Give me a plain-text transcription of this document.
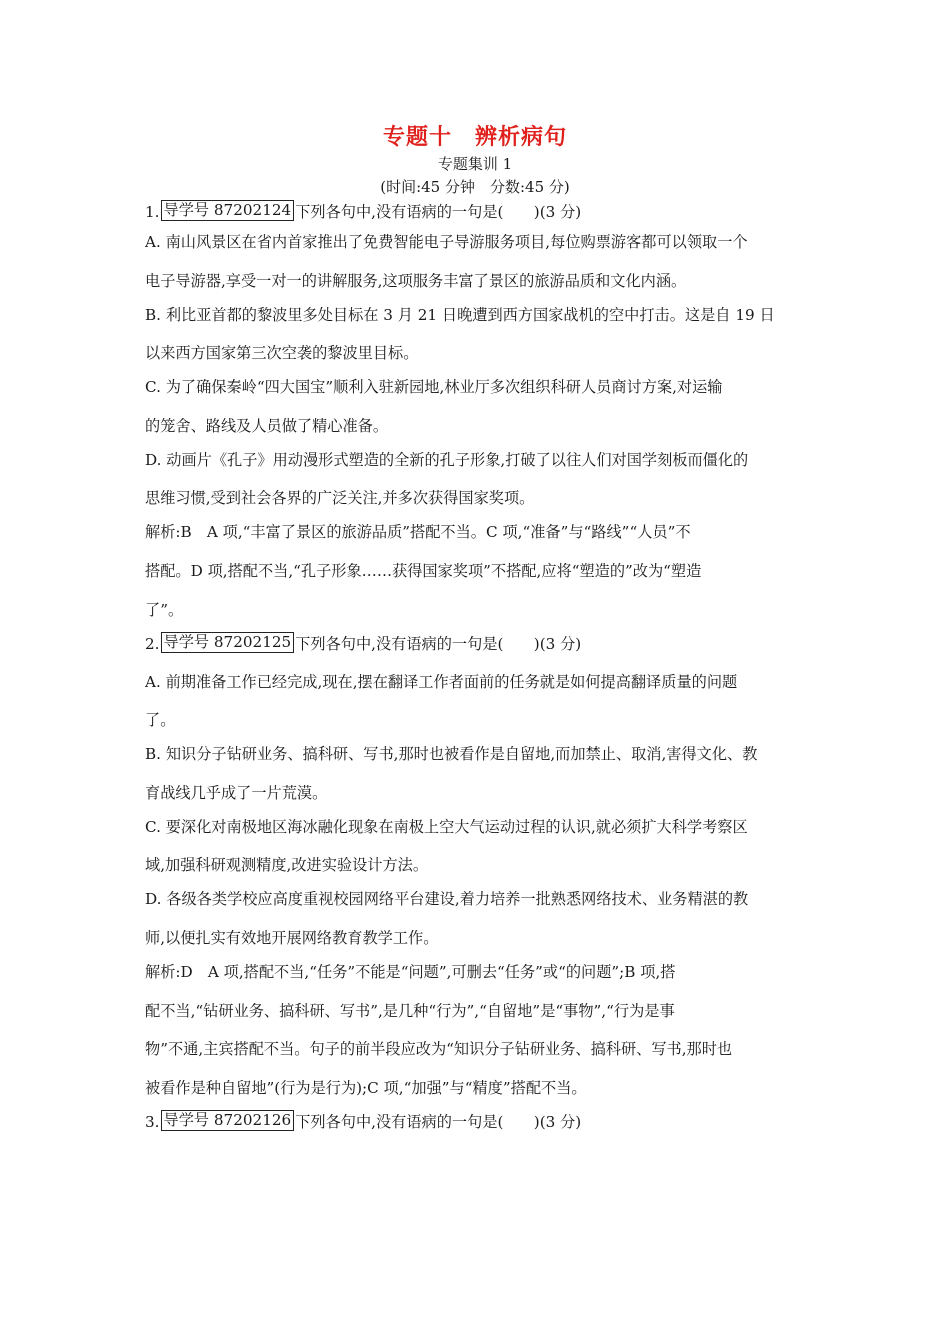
专题十　辨析病句
专题集训 1
(时间:45 分钟　分数:45 分)
1. 导学号 87202124 下列各句中,没有语病的一句是(　　)(3 分)
A. 南山风景区在省内首家推出了免费智能电子导游服务项目,每位购票游客都可以领取一个
电子导游器,享受一对一的讲解服务,这项服务丰富了景区的旅游品质和文化内涵。
B. 利比亚首都的黎波里多处目标在 3 月 21 日晚遭到西方国家战机的空中打击。这是自 19 日
以来西方国家第三次空袭的黎波里目标。
C. 为了确保秦岭“四大国宝”顺利入驻新园地,林业厅多次组织科研人员商讨方案,对运输
的笼舍、路线及人员做了精心准备。
D. 动画片《孔子》用动漫形式塑造的全新的孔子形象,打破了以往人们对国学刻板而僵化的
思维习惯,受到社会各界的广泛关注,并多次获得国家奖项。
解析:B　A 项,“丰富了景区的旅游品质”搭配不当。C 项,“准备”与“路线”“人员”不
搭配。D 项,搭配不当,“孔子形象……获得国家奖项”不搭配,应将“塑造的”改为“塑造
了”。
2. 导学号 87202125 下列各句中,没有语病的一句是(　　)(3 分)
A. 前期准备工作已经完成,现在,摆在翻译工作者面前的任务就是如何提高翻译质量的问题
了。
B. 知识分子钻研业务、搞科研、写书,那时也被看作是自留地,而加禁止、取消,害得文化、教
育战线几乎成了一片荒漠。
C. 要深化对南极地区海冰融化现象在南极上空大气运动过程的认识,就必须扩大科学考察区
域,加强科研观测精度,改进实验设计方法。
D. 各级各类学校应高度重视校园网络平台建设,着力培养一批熟悉网络技术、业务精湛的教
师,以便扎实有效地开展网络教育教学工作。
解析:D　A 项,搭配不当,“任务”不能是“问题”,可删去“任务”或“的问题”;B 项,搭
配不当,“钻研业务、搞科研、写书”,是几种“行为”,“自留地”是“事物”,“行为是事
物”不通,主宾搭配不当。句子的前半段应改为“知识分子钻研业务、搞科研、写书,那时也
被看作是种自留地”(行为是行为);C 项,“加强”与“精度”搭配不当。
3. 导学号 87202126 下列各句中,没有语病的一句是(　　)(3 分)
